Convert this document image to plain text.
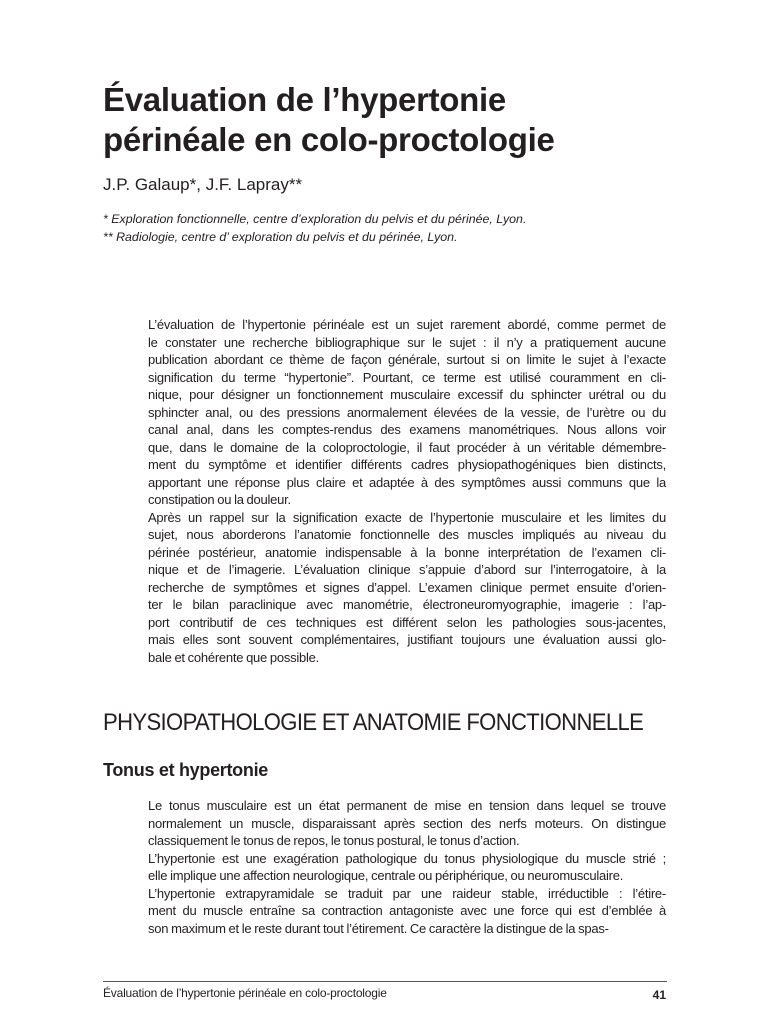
Évaluation de l’hypertonie
périnéale en colo-proctologie
J.P. Galaup*, J.F. Lapray**
* Exploration fonctionnelle, centre d’exploration du pelvis et du périnée, Lyon.
** Radiologie, centre d’ exploration du pelvis et du périnée, Lyon.

L’évaluation de l’hypertonie périnéale est un sujet rarement abordé, comme permet de
le constater une recherche bibliographique sur le sujet : il n’y a pratiquement aucune
publication abordant ce thème de façon générale, surtout si on limite le sujet à l’exacte
signification du terme “hypertonie”. Pourtant, ce terme est utilisé couramment en cli-
nique, pour désigner un fonctionnement musculaire excessif du sphincter urétral ou du
sphincter anal, ou des pressions anormalement élevées de la vessie, de l’urètre ou du
canal anal, dans les comptes-rendus des examens manométriques. Nous allons voir
que, dans le domaine de la coloproctologie, il faut procéder à un véritable démembre-
ment du symptôme et identifier différents cadres physiopathogéniques bien distincts,
apportant une réponse plus claire et adaptée à des symptômes aussi communs que la
constipation ou la douleur.

Après un rappel sur la signification exacte de l’hypertonie musculaire et les limites du
sujet, nous aborderons l’anatomie fonctionnelle des muscles impliqués au niveau du
périnée postérieur, anatomie indispensable à la bonne interprétation de l’examen cli-
nique et de l’imagerie. L’évaluation clinique s’appuie d’abord sur l’interrogatoire, à la
recherche de symptômes et signes d’appel. L’examen clinique permet ensuite d’orien-
ter le bilan paraclinique avec manométrie, électroneuromyographie, imagerie : l’ap-
port contributif de ces techniques est différent selon les pathologies sous-jacentes,
mais elles sont souvent complémentaires, justifiant toujours une évaluation aussi glo-
bale et cohérente que possible.

PHYSIOPATHOLOGIE ET ANATOMIE FONCTIONNELLE
Tonus et hypertonie

Le tonus musculaire est un état permanent de mise en tension dans lequel se trouve
normalement un muscle, disparaissant après section des nerfs moteurs. On distingue
classiquement le tonus de repos, le tonus postural, le tonus d’action.

L’hypertonie est une exagération pathologique du tonus physiologique du muscle strié ;
elle implique une affection neurologique, centrale ou périphérique, ou neuromusculaire.

L’hypertonie extrapyramidale se traduit par une raideur stable, irréductible : l’étire-
ment du muscle entraîne sa contraction antagoniste avec une force qui est d’emblée à
son maximum et le reste durant tout l’étirement. Ce caractère la distingue de la spas-

Évaluation de l’hypertonie périnéale en colo-proctologie	41
